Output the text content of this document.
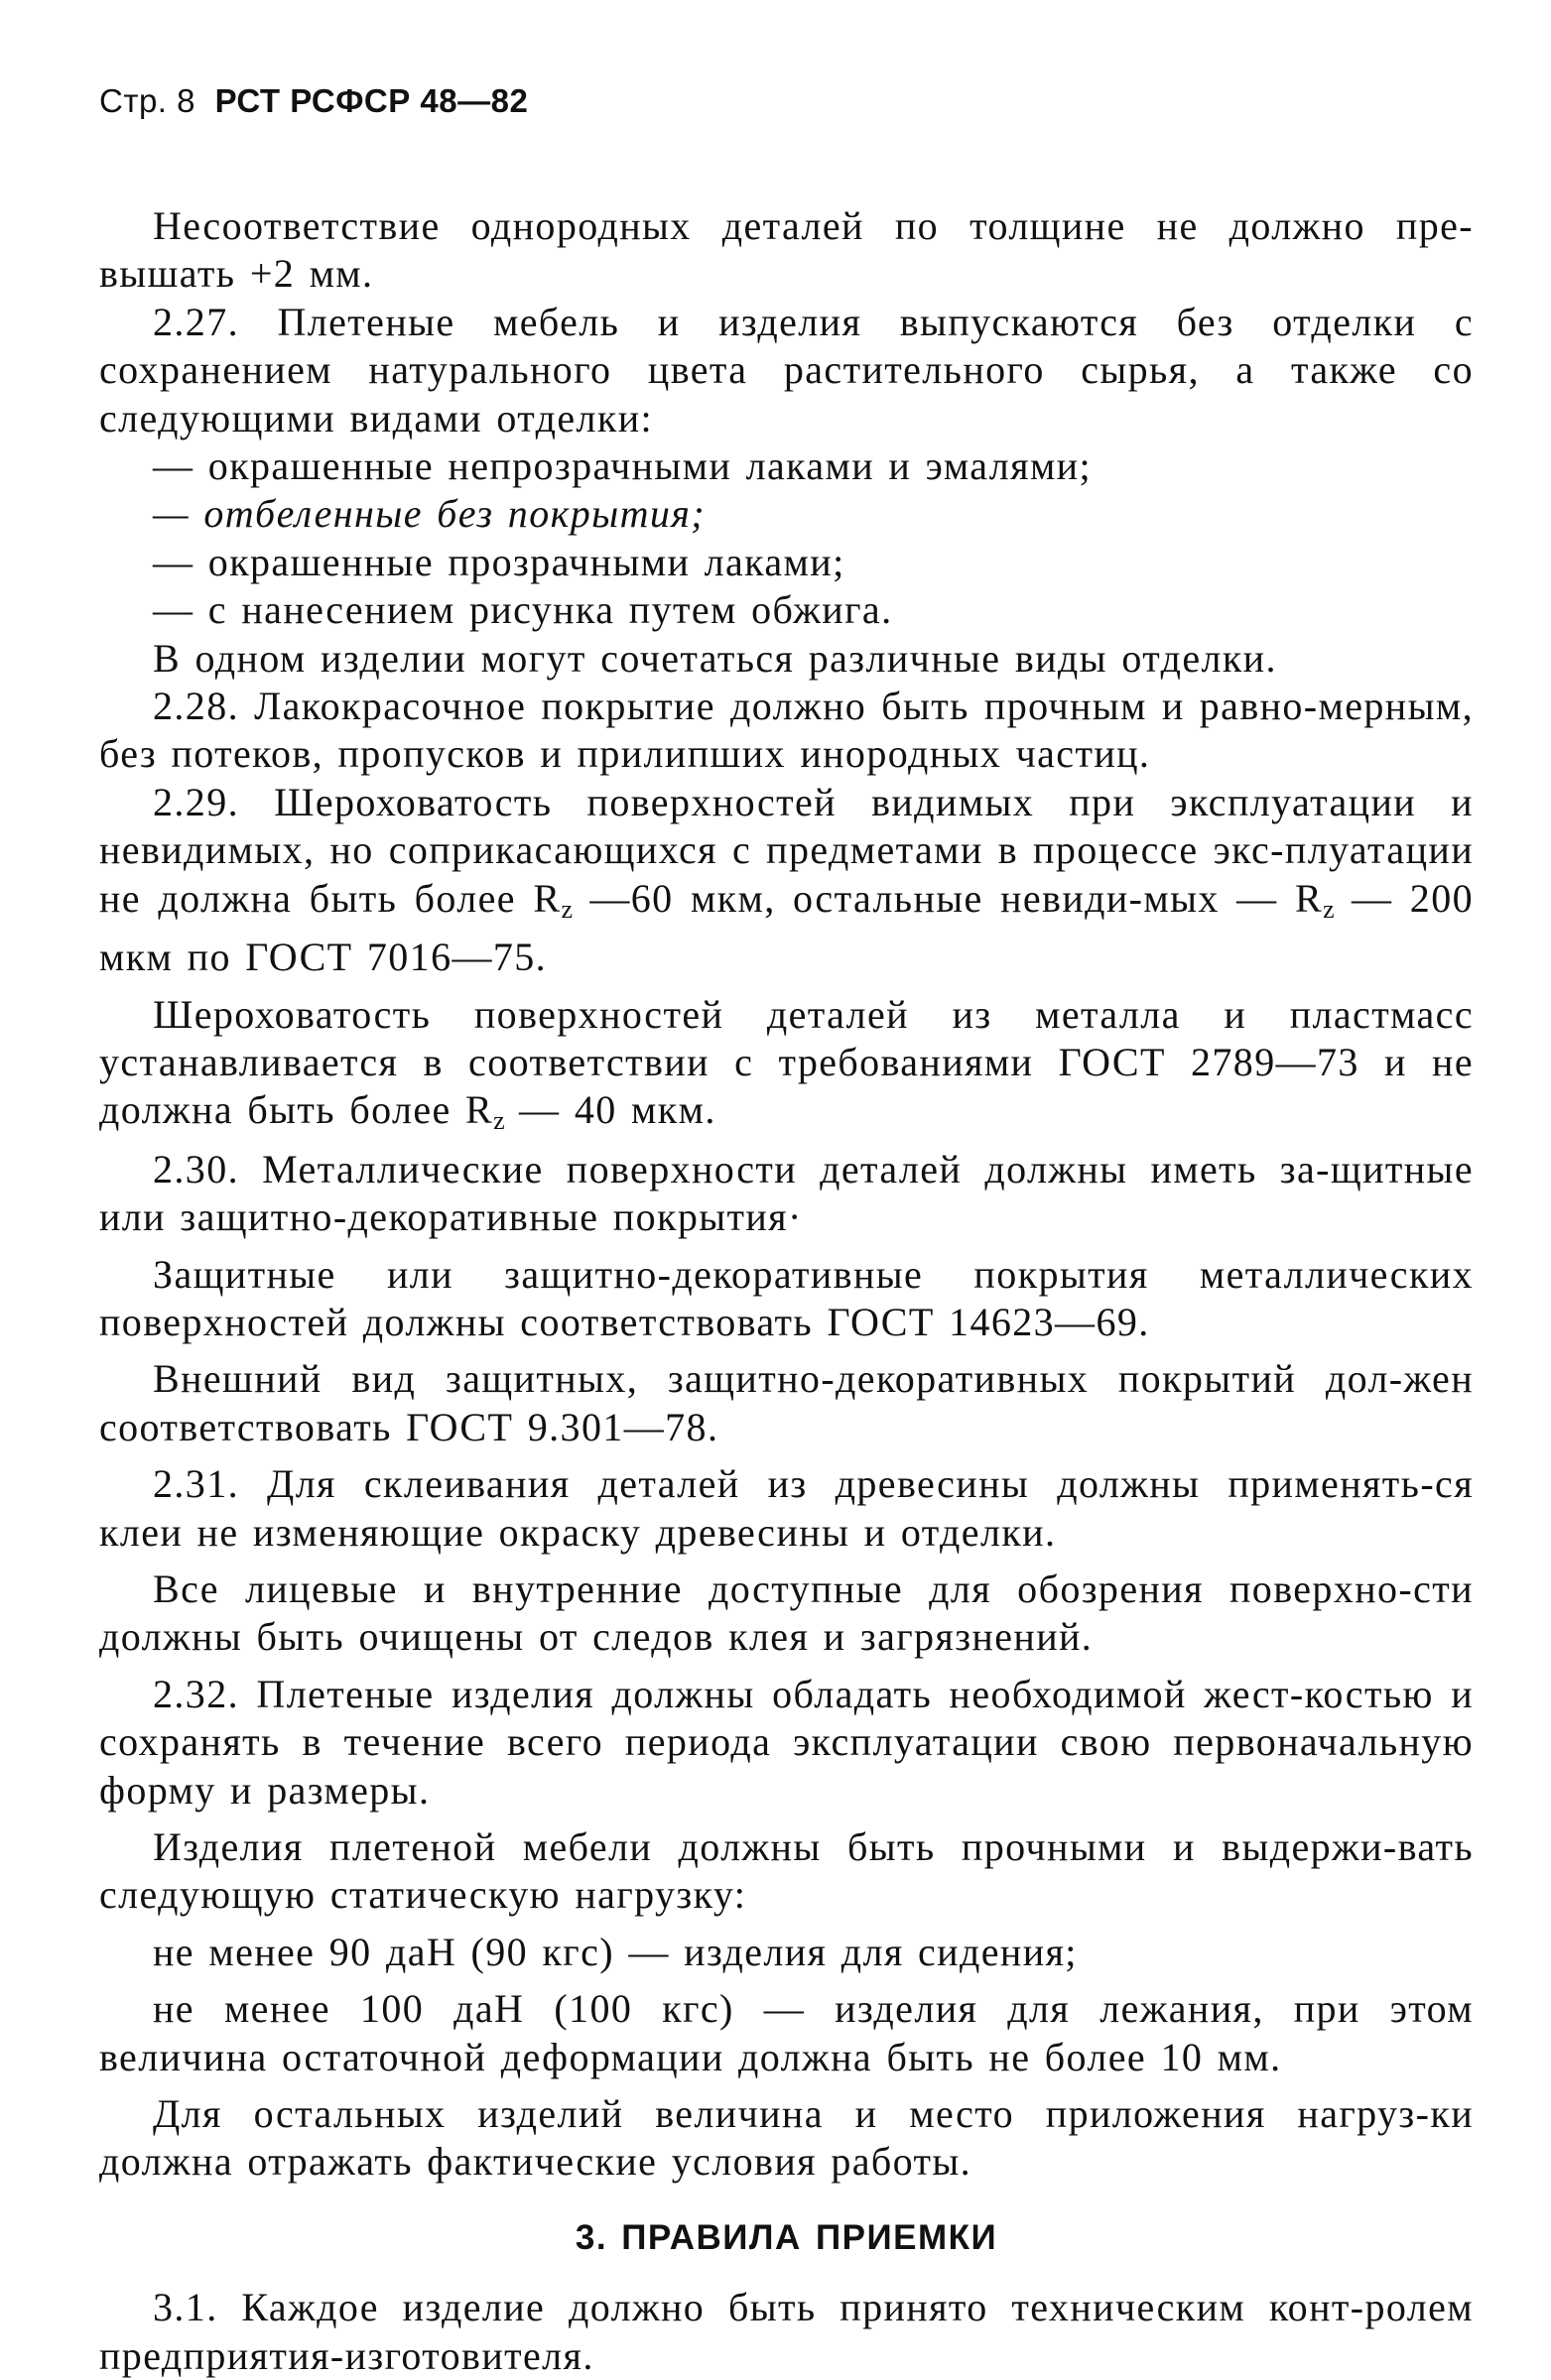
Стр. 8 РСТ РСФСР 48—82

Несоответствие однородных деталей по толщине не должно пре-вышать +2 мм.

2.27. Плетеные мебель и изделия выпускаются без отделки с сохранением натурального цвета растительного сырья, а также со следующими видами отделки:

— окрашенные непрозрачными лаками и эмалями;

— отбеленные без покрытия;

— окрашенные прозрачными лаками;

— с нанесением рисунка путем обжига.

В одном изделии могут сочетаться различные виды отделки.

2.28. Лакокрасочное покрытие должно быть прочным и равно-мерным, без потеков, пропусков и прилипших инородных частиц.

2.29. Шероховатость поверхностей видимых при эксплуатации и невидимых, но соприкасающихся с предметами в процессе экс-плуатации не должна быть более $R_z$ —60 мкм, остальные невиди-мых — $R_z$ — 200 мкм по ГОСТ 7016—75.

Шероховатость поверхностей деталей из металла и пластмасс устанавливается в соответствии с требованиями ГОСТ 2789—73 и не должна быть более $R_z$ — 40 мкм.

2.30. Металлические поверхности деталей должны иметь за-щитные или защитно-декоративные покрытия·

Защитные или защитно-декоративные покрытия металлических поверхностей должны соответствовать ГОСТ 14623—69.

Внешний вид защитных, защитно-декоративных покрытий дол-жен соответствовать ГОСТ 9.301—78.

2.31. Для склеивания деталей из древесины должны применять-ся клеи не изменяющие окраску древесины и отделки.

Все лицевые и внутренние доступные для обозрения поверхно-сти должны быть очищены от следов клея и загрязнений.

2.32. Плетеные изделия должны обладать необходимой жест-костью и сохранять в течение всего периода эксплуатации свою первоначальную форму и размеры.

Изделия плетеной мебели должны быть прочными и выдержи-вать следующую статическую нагрузку:

не менее 90 даН (90 кгс) — изделия для сидения;

не менее 100 даН (100 кгс) — изделия для лежания, при этом величина остаточной деформации должна быть не более 10 мм.

Для остальных изделий величина и место приложения нагруз-ки должна отражать фактические условия работы.

3. ПРАВИЛА ПРИЕМКИ

3.1. Каждое изделие должно быть принято техническим конт-ролем предприятия-изготовителя.
